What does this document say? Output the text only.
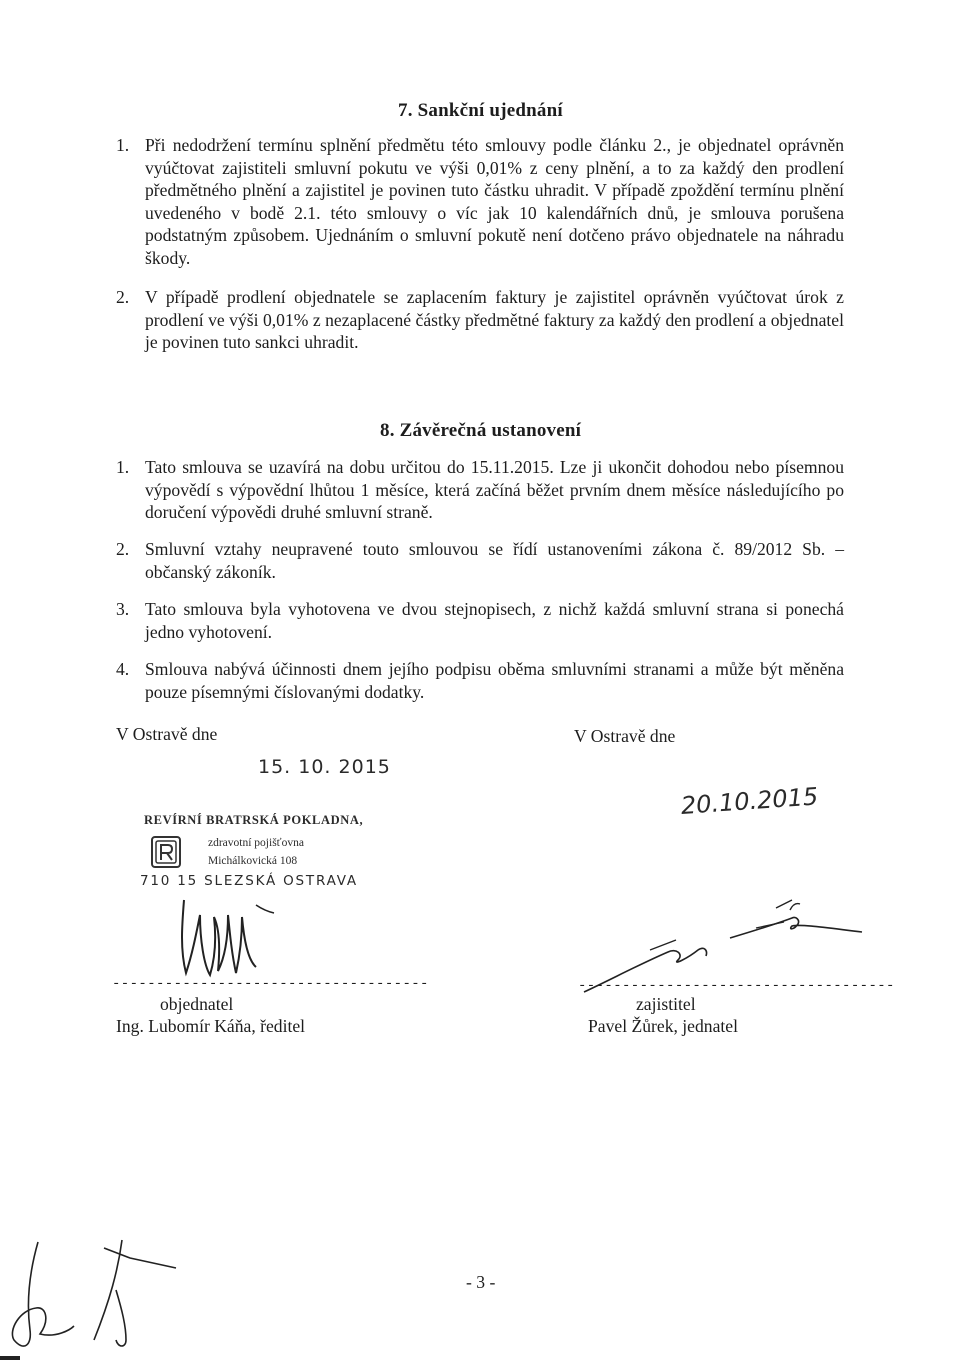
7. Sankční ujednání
1. Při nedodržení termínu splnění předmětu této smlouvy podle článku 2., je objednatel oprávněn vyúčtovat zajistiteli smluvní pokutu ve výši 0,01% z ceny plnění, a to za každý den prodlení předmětného plnění a zajistitel je povinen tuto částku uhradit. V případě zpoždění termínu plnění uvedeného v bodě 2.1. této smlouvy o víc jak 10 kalendářních dnů, je smlouva porušena podstatným způsobem. Ujednáním o smluvní pokutě není dotčeno právo objednatele na náhradu škody.
2. V případě prodlení objednatele se zaplacením faktury je zajistitel oprávněn vyúčtovat úrok z prodlení ve výši 0,01% z nezaplacené částky předmětné faktury za každý den prodlení a objednatel je povinen tuto sankci uhradit.
8. Závěrečná ustanovení
1. Tato smlouva se uzavírá na dobu určitou do 15.11.2015. Lze ji ukončit dohodou nebo písemnou výpovědí s výpovědní lhůtou 1 měsíce, která začíná běžet prvním dnem měsíce následujícího po doručení výpovědi druhé smluvní straně.
2. Smluvní vztahy neupravené touto smlouvou se řídí ustanoveními zákona č. 89/2012 Sb. – občanský zákoník.
3. Tato smlouva byla vyhotovena ve dvou stejnopisech, z nichž každá smluvní strana si ponechá jedno vyhotovení.
4. Smlouva nabývá účinnosti dnem jejího podpisu oběma smluvními stranami a může být měněna pouze písemnými číslovanými dodatky.
V Ostravě dne
15. 10. 2015
REVÍRNÍ BRATRSKÁ POKLADNA,
zdravotní pojišťovna
Michálkovická 108
710 15 SLEZSKÁ OSTRAVA
------------------------------------
objednatel
Ing. Lubomír Káňa, ředitel
V Ostravě dne
20.10.2015
------------------------------------
zajistitel
Pavel Žůrek, jednatel
- 3 -
